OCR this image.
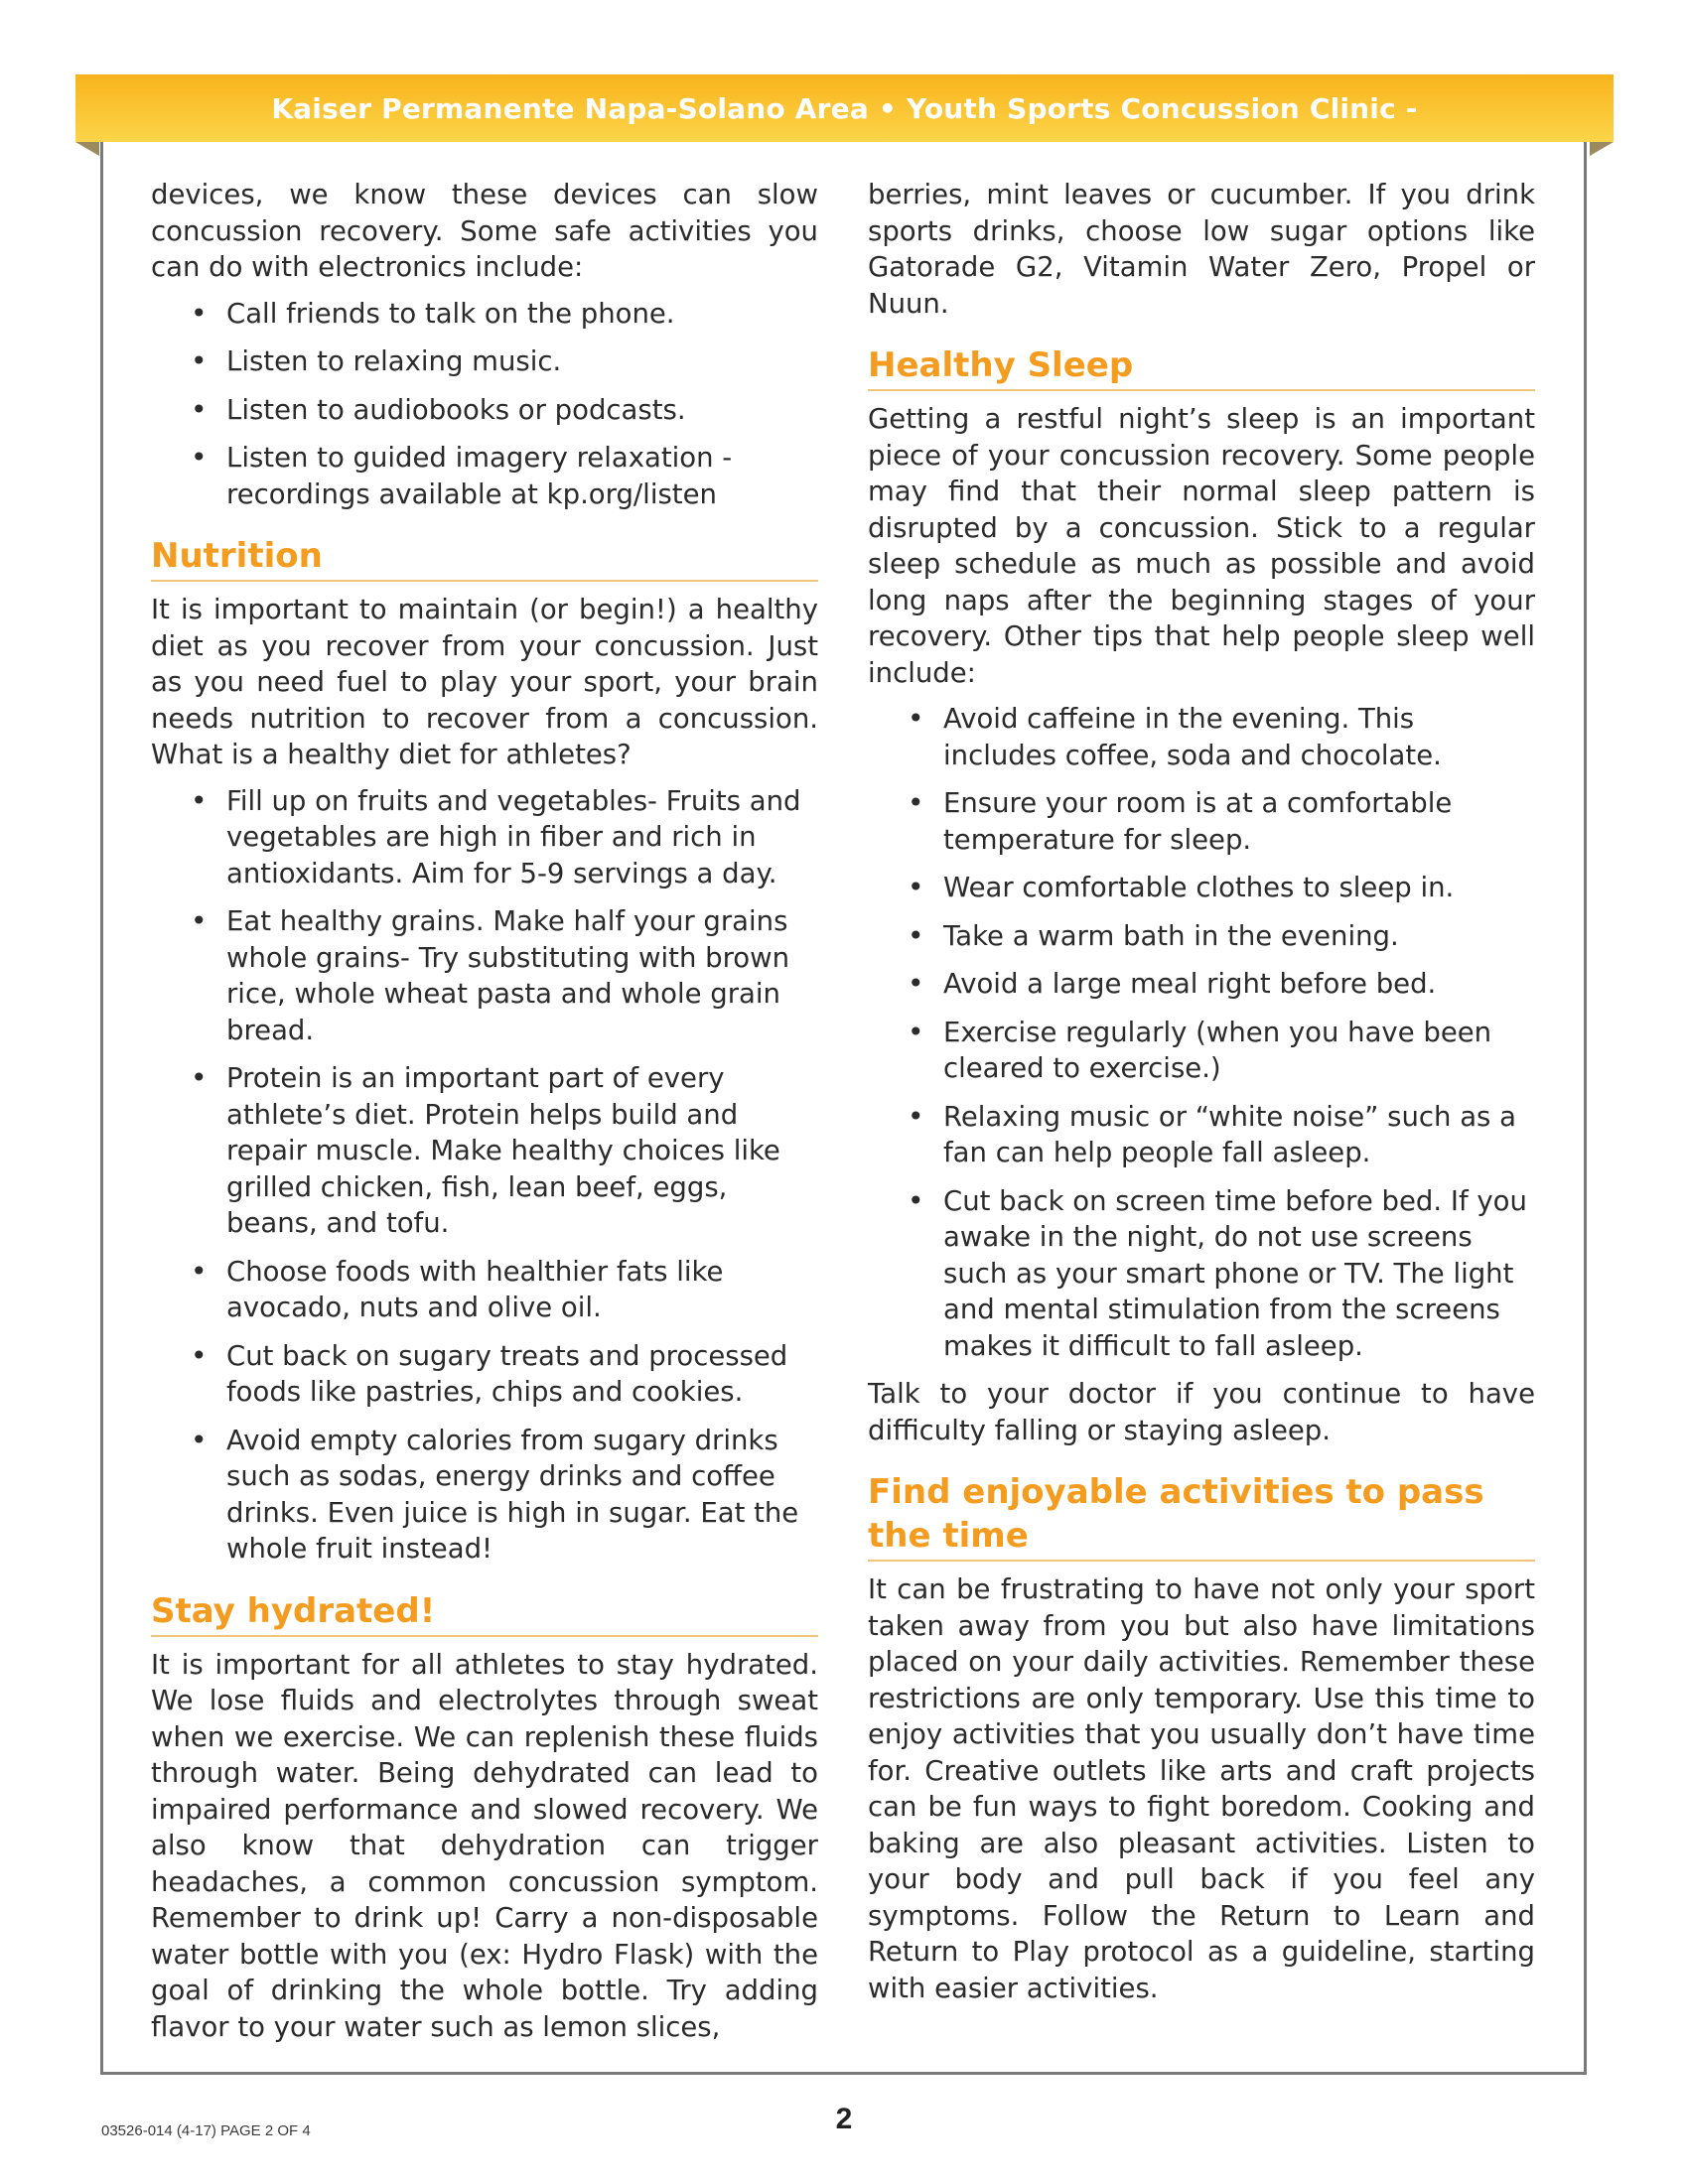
Kaiser Permanente Napa-Solano Area • Youth Sports Concussion Clinic -

devices, we know these devices can slow concussion recovery. Some safe activities you can do with electronics include:

• Call friends to talk on the phone.
• Listen to relaxing music.
• Listen to audiobooks or podcasts.
• Listen to guided imagery relaxation - recordings available at kp.org/listen
Nutrition

It is important to maintain (or begin!) a healthy diet as you recover from your concussion. Just as you need fuel to play your sport, your brain needs nutrition to recover from a concussion. What is a healthy diet for athletes?

• Fill up on fruits and vegetables- Fruits and vegetables are high in fiber and rich in antioxidants. Aim for 5-9 servings a day.
• Eat healthy grains. Make half your grains whole grains- Try substituting with brown rice, whole wheat pasta and whole grain bread.
• Protein is an important part of every athlete’s diet. Protein helps build and repair muscle. Make healthy choices like grilled chicken, fish, lean beef, eggs, beans, and tofu.
• Choose foods with healthier fats like avocado, nuts and olive oil.
• Cut back on sugary treats and processed foods like pastries, chips and cookies.
• Avoid empty calories from sugary drinks such as sodas, energy drinks and coffee drinks. Even juice is high in sugar. Eat the whole fruit instead!
Stay hydrated!

It is important for all athletes to stay hydrated. We lose fluids and electrolytes through sweat when we exercise. We can replenish these fluids through water. Being dehydrated can lead to impaired performance and slowed recovery. We also know that dehydration can trigger headaches, a common concussion symptom. Remember to drink up! Carry a non-disposable water bottle with you (ex: Hydro Flask) with the goal of drinking the whole bottle. Try adding flavor to your water such as lemon slices,

berries, mint leaves or cucumber. If you drink sports drinks, choose low sugar options like Gatorade G2, Vitamin Water Zero, Propel or Nuun.

Healthy Sleep

Getting a restful night’s sleep is an important piece of your concussion recovery. Some people may find that their normal sleep pattern is disrupted by a concussion. Stick to a regular sleep schedule as much as possible and avoid long naps after the beginning stages of your recovery. Other tips that help people sleep well include:

• Avoid caffeine in the evening. This includes coffee, soda and chocolate.
• Ensure your room is at a comfortable temperature for sleep.
• Wear comfortable clothes to sleep in.
• Take a warm bath in the evening.
• Avoid a large meal right before bed.
• Exercise regularly (when you have been cleared to exercise.)
• Relaxing music or “white noise” such as a fan can help people fall asleep.
• Cut back on screen time before bed. If you awake in the night, do not use screens such as your smart phone or TV. The light and mental stimulation from the screens makes it difficult to fall asleep.

Talk to your doctor if you continue to have difficulty falling or staying asleep.

Find enjoyable activities to pass the time

It can be frustrating to have not only your sport taken away from you but also have limitations placed on your daily activities. Remember these restrictions are only temporary. Use this time to enjoy activities that you usually don’t have time for. Creative outlets like arts and craft projects can be fun ways to fight boredom. Cooking and baking are also pleasant activities. Listen to your body and pull back if you feel any symptoms. Follow the Return to Learn and Return to Play protocol as a guideline, starting with easier activities.

03526-014 (4-17) PAGE 2 OF 4	2
